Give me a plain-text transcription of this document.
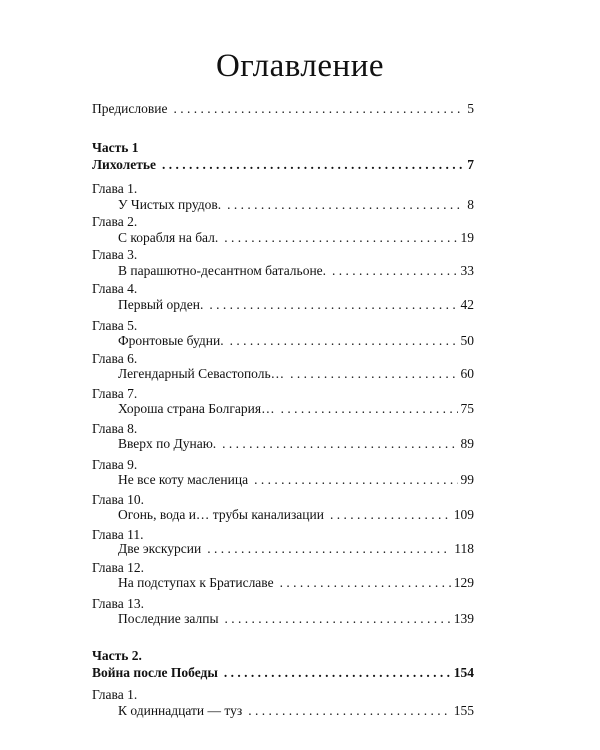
Оглавление
Предисловие . . .	5
Часть 1
Лихолетье . . .	7
Глава 1.
У Чистых прудов. . . .	8
Глава 2.
С корабля на бал. . . .	19
Глава 3.
В парашютно-десантном батальоне. . . .	33
Глава 4.
Первый орден. . . .	42
Глава 5.
Фронтовые будни. . . .	50
Глава 6.
Легендарный Севастополь… . . .	60
Глава 7.
Хороша страна Болгария… . . .	75
Глава 8.
Вверх по Дунаю. . . .	89
Глава 9.
Не все коту масленица . . .	99
Глава 10.
Огонь, вода и… трубы канализации . . .	109
Глава 11.
Две экскурсии . . .	118
Глава 12.
На подступах к Братиславе . . .	129
Глава 13.
Последние залпы . . .	139
Часть 2.
Война после Победы . . .	154
Глава 1.
К одиннадцати — туз . . .	155
